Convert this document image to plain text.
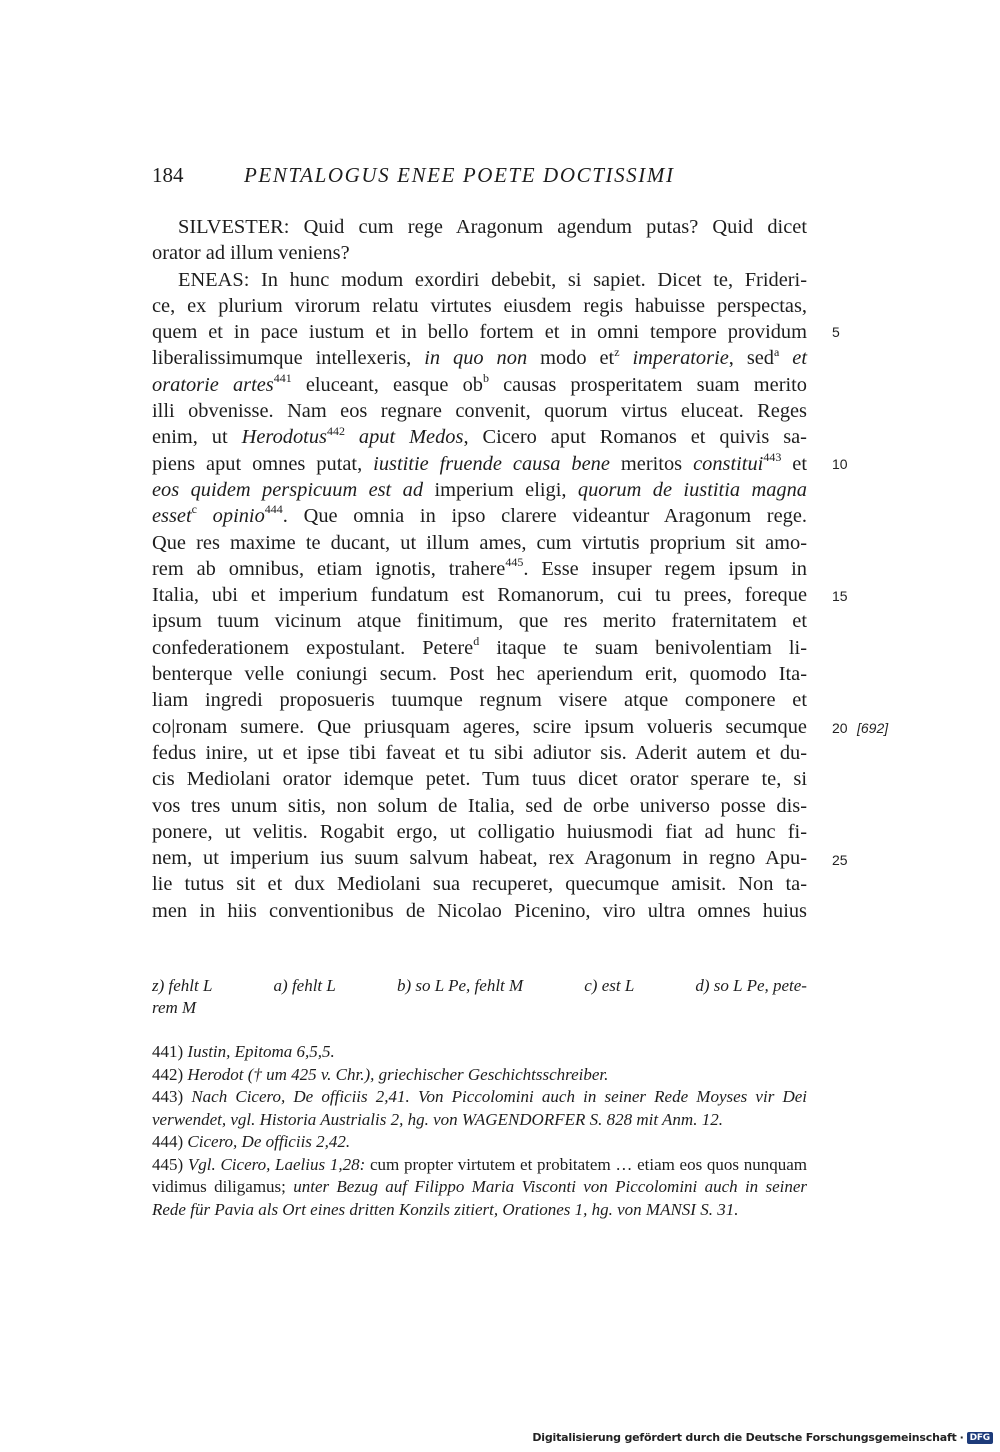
184	PENTALOGUS ENEE POETE DOCTISSIMI
SILVESTER: Quid cum rege Aragonum agendum putas? Quid dicet
orator ad illum veniens?
ENEAS: In hunc modum exordiri debebit, si sapiet. Dicet te, Frideri-
ce, ex plurium virorum relatu virtutes eiusdem regis habuisse perspectas,
quem et in pace iustum et in bello fortem et in omni tempore providum
liberalissimumque intellexeris, in quo non modo $et^z$ imperatorie, sed$^a$ et
oratorie artes$^{441}$ eluceant, easque $ob^b$ causas prosperitatem suam merito
illi obvenisse. Nam eos regnare convenit, quorum virtus eluceat. Reges
enim, ut Herodotus$^{442}$ aput Medos, Cicero aput Romanos et quivis sa-
piens aput omnes putat, iustitie fruende causa bene meritos constitui$^{443}$ et
eos quidem perspicuum est ad imperium eligi, quorum de iustitia magna
esset$^c$ opinio$^{444}$. Que omnia in ipso clarere videantur Aragonum rege.
Que res maxime te ducant, ut illum ames, cum virtutis proprium sit amo-
rem ab omnibus, etiam ignotis, trahere$^{445}$. Esse insuper regem ipsum in
Italia, ubi et imperium fundatum est Romanorum, cui tu prees, foreque
ipsum tuum vicinum atque finitimum, que res merito fraternitatem et
confederationem expostulant. Petere$^d$ itaque te suam benivolentiam li-
benterque velle coniungi secum. Post hec aperiendum erit, quomodo Ita-
liam ingredi proposueris tuumque regnum visere atque componere et
co|ronam sumere. Que priusquam ageres, scire ipsum volueris secumque
fedus inire, ut et ipse tibi faveat et tu sibi adiutor sis. Aderit autem et du-
cis Mediolani orator idemque petet. Tum tuus dicet orator sperare te, si
vos tres unum sitis, non solum de Italia, sed de orbe universo posse dis-
ponere, ut velitis. Rogabit ergo, ut colligatio huiusmodi fiat ad hunc fi-
nem, ut imperium ius suum salvum habeat, rex Aragonum in regno Apu-
lie tutus sit et dux Mediolani sua recuperet, quecumque amisit. Non ta-
men in hiis conventionibus de Nicolao Picenino, viro ultra omnes huius
5
10
15
20 [692]
25
z) fehlt L	a) fehlt L	b) so L Pe, fehlt M	c) est L	d) so L Pe, pete-
rem M
441) Iustin, Epitoma 6,5,5.
442) Herodot († um 425 v. Chr.), griechischer Geschichtsschreiber.
443) Nach Cicero, De officiis 2,41. Von Piccolomini auch in seiner Rede Moyses vir Dei verwendet, vgl. Historia Austrialis 2, hg. von WAGENDORFER S. 828 mit Anm. 12.
444) Cicero, De officiis 2,42.
445) Vgl. Cicero, Laelius 1,28: cum propter virtutem et probitatem … etiam eos quos nunquam vidimus diligamus; unter Bezug auf Filippo Maria Visconti von Piccolomini auch in seiner Rede für Pavia als Ort eines dritten Konzils zitiert, Orationes 1, hg. von MANSI S. 31.
Digitalisierung gefördert durch die Deutsche Forschungsgemeinschaft · DFG
